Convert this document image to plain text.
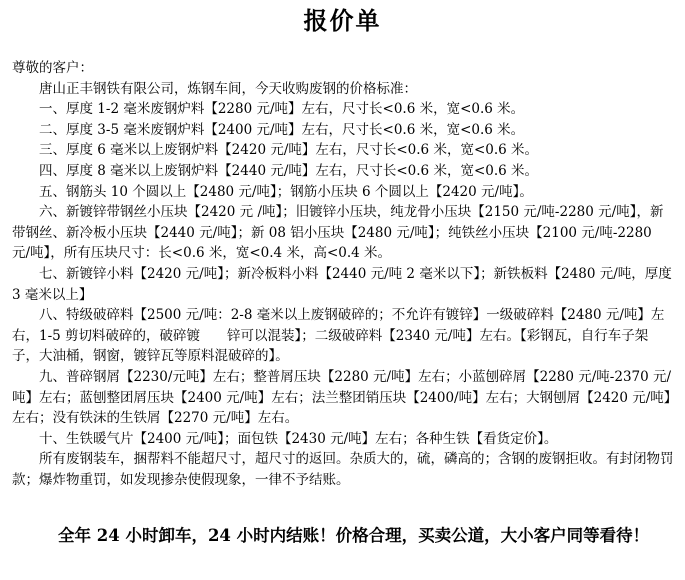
报价单

尊敬的客户：

唐山正丰钢铁有限公司，炼钢车间，今天收购废钢的价格标准：

一、厚度 1-2 毫米废钢炉料【2280 元/吨】左右，尺寸长<0.6 米，宽<0.6 米。

二、厚度 3-5 毫米废钢炉料【2400 元/吨】左右，尺寸长<0.6 米，宽<0.6 米。

三、厚度 6 毫米以上废钢炉料【2420 元/吨】左右，尺寸长<0.6 米，宽<0.6 米。

四、厚度 8 毫米以上废钢炉料【2440 元/吨】左右，尺寸长<0.6 米，宽<0.6 米。

五、钢筋头 10 个圆以上【2480 元/吨】；钢筋小压块 6 个圆以上【2420 元/吨】。

六、新镀锌带钢丝小压块【2420 元 /吨】；旧镀锌小压块，纯龙骨小压块【2150 元/吨-2280 元/吨】，新带钢丝、新冷板小压块【2440 元/吨】；新 08 铝小压块【2480 元/吨】；纯铁丝小压块【2100 元/吨-2280 元/吨】，所有压块尺寸：长<0.6 米，宽<0.4 米，高<0.4 米。

七、新镀锌小料【2420 元/吨】；新冷板料小料【2440 元/吨 2 毫米以下】；新铁板料【2480 元/吨，厚度 3 毫米以上】

八、特级破碎料【2500 元/吨：2-8 毫米以上废钢破碎的；不允许有镀锌】一级破碎料【2480 元/吨】左右，1-5 剪切料破碎的，破碎镀　　锌可以混装】；二级破碎料【2340 元/吨】左右。【彩钢瓦，自行车子架子，大油桶，钢窗，镀锌瓦等原料混破碎的】。

九、普碎钢屑【2230/元吨】左右；整普屑压块【2280 元/吨】左右；小蓝刨碎屑【2280 元/吨-2370 元/吨】左右；蓝刨整团屑压块【2400 元/吨】左右；法兰整团销压块【2400/吨】左右；大钢刨屑【2420 元/吨】左右；没有铁沫的生铁屑【2270 元/吨】左右。

十、生铁暖气片【2400 元/吨】；面包铁【2430 元/吨】左右；各种生铁【看货定价】。

所有废钢装车，捆帮料不能超尺寸，超尺寸的返回。杂质大的，硫，磷高的；含钢的废钢拒收。有封闭物罚款；爆炸物重罚，如发现掺杂使假现象，一律不予结账。

全年 24 小时卸车，24 小时内结账！价格合理，买卖公道，大小客户同等看待！
